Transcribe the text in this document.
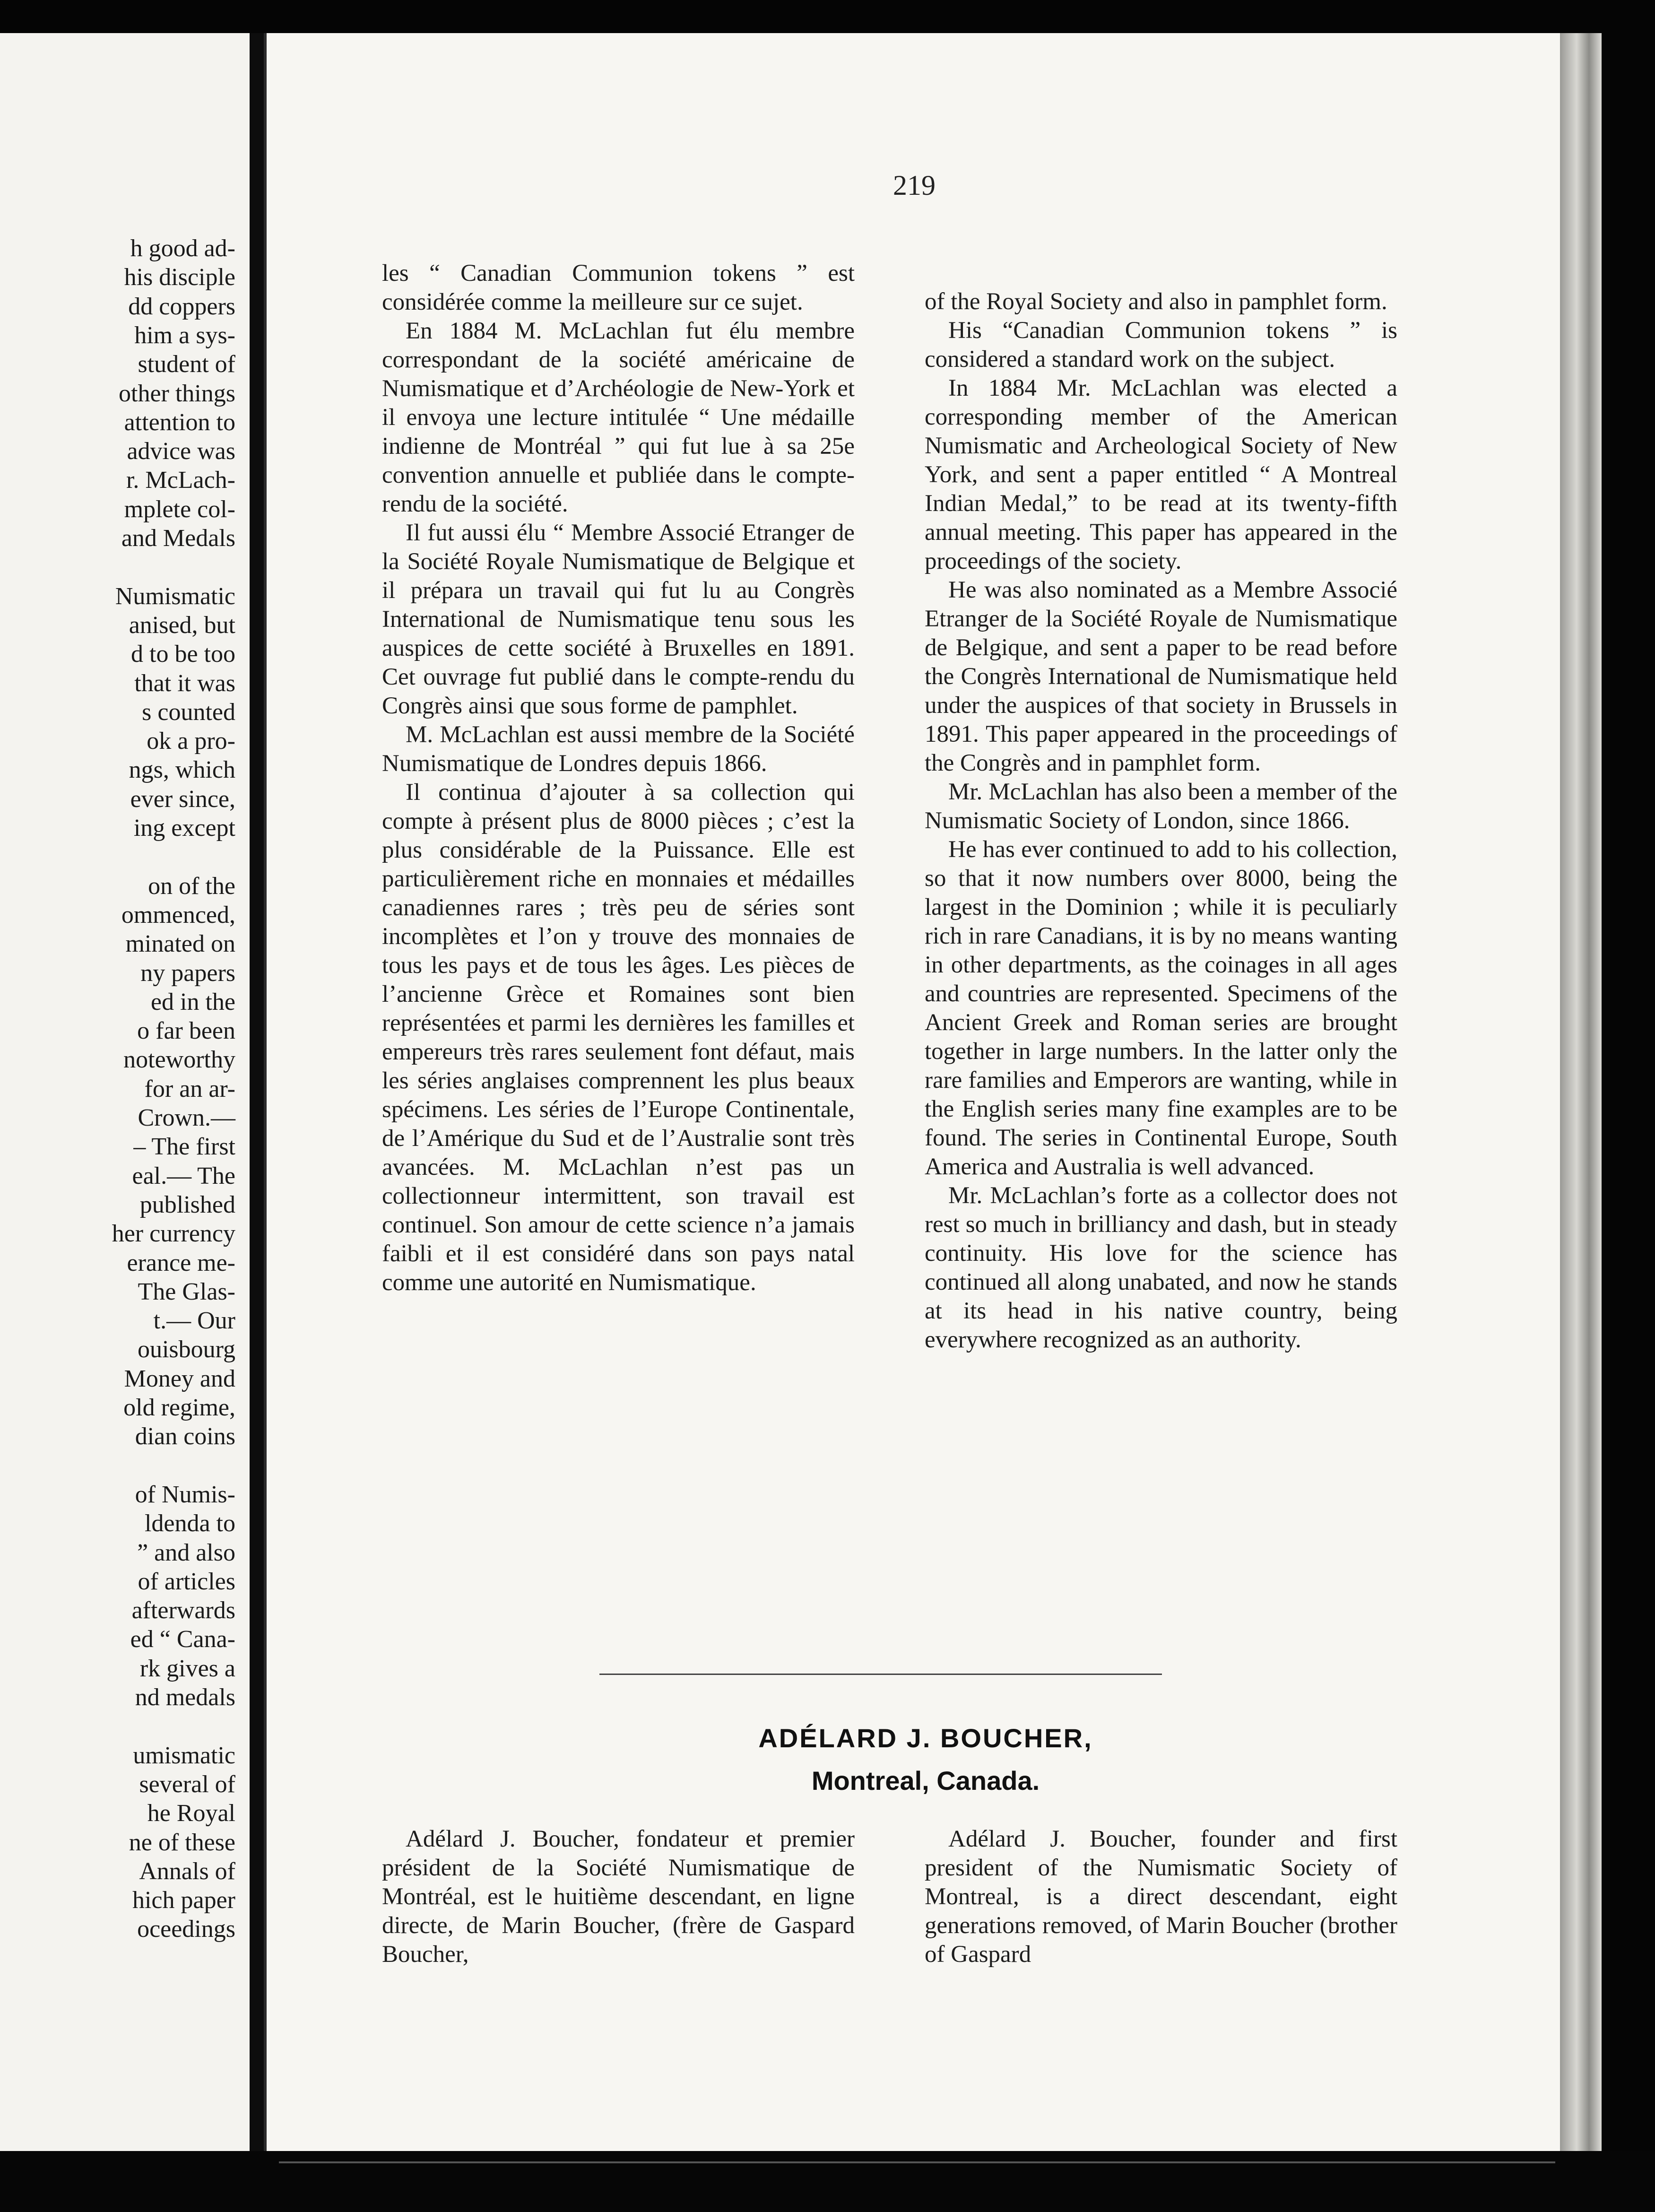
h good ad-
his disciple
dd coppers
him a sys-
student of
other things
attention to
advice was
r. McLach-
mplete col-
and Medals
Numismatic
anised, but
d to be too
that it was
s counted
ok a pro-
ngs, which
ever since,
ing except
on of the
ommenced,
minated on
ny papers
ed in the
o far been
noteworthy
for an ar-
Crown.—
– The first
eal.— The
published
her currency
erance me-
The Glas-
t.— Our
ouisbourg
Money and
old regime,
dian coins
of Numis-
ldenda to
” and also
of articles
afterwards
ed “ Cana-
rk gives a
nd medals
umismatic
several of
he Royal
ne of these
Annals of
hich paper
oceedings
219

les “ Canadian Communion tokens ” est considérée comme la meilleure sur ce sujet.

En 1884 M. McLachlan fut élu membre correspondant de la société américaine de Numismatique et d’Archéologie de New-York et il envoya une lecture intitulée “ Une médaille indienne de Montréal ” qui fut lue à sa 25e convention annuelle et publiée dans le compte-rendu de la société.

Il fut aussi élu “ Membre Associé Etranger de la Société Royale Numismatique de Belgique et il prépara un travail qui fut lu au Congrès International de Numismatique tenu sous les auspices de cette société à Bruxelles en 1891. Cet ouvrage fut publié dans le compte-rendu du Congrès ainsi que sous forme de pamphlet.

M. McLachlan est aussi membre de la Société Numismatique de Londres depuis 1866.

Il continua d’ajouter à sa collection qui compte à présent plus de 8000 pièces ; c’est la plus considérable de la Puissance. Elle est particulièrement riche en monnaies et médailles canadiennes rares ; très peu de séries sont incomplètes et l’on y trouve des monnaies de tous les pays et de tous les âges. Les pièces de l’ancienne Grèce et Romaines sont bien représentées et parmi les dernières les familles et empereurs très rares seulement font défaut, mais les séries anglaises comprennent les plus beaux spécimens. Les séries de l’Europe Continentale, de l’Amérique du Sud et de l’Australie sont très avancées. M. McLachlan n’est pas un collectionneur intermittent, son travail est continuel. Son amour de cette science n’a jamais faibli et il est considéré dans son pays natal comme une autorité en Numismatique.

of the Royal Society and also in pamphlet form.

His “Canadian Communion tokens ” is considered a standard work on the subject.

In 1884 Mr. McLachlan was elected a corresponding member of the American Numismatic and Archeological Society of New York, and sent a paper entitled “ A Montreal Indian Medal,” to be read at its twenty-fifth annual meeting. This paper has appeared in the proceedings of the society.

He was also nominated as a Membre Associé Etranger de la Société Royale de Numismatique de Belgique, and sent a paper to be read before the Congrès International de Numismatique held under the auspices of that society in Brussels in 1891. This paper appeared in the proceedings of the Congrès and in pamphlet form.

Mr. McLachlan has also been a member of the Numismatic Society of London, since 1866.

He has ever continued to add to his collection, so that it now numbers over 8000, being the largest in the Dominion ; while it is peculiarly rich in rare Canadians, it is by no means wanting in other departments, as the coinages in all ages and countries are represented. Specimens of the Ancient Greek and Roman series are brought together in large numbers. In the latter only the rare families and Emperors are wanting, while in the English series many fine examples are to be found. The series in Continental Europe, South America and Australia is well advanced.

Mr. McLachlan’s forte as a collector does not rest so much in brilliancy and dash, but in steady continuity. His love for the science has continued all along unabated, and now he stands at its head in his native country, being everywhere recognized as an authority.

ADÉLARD J. BOUCHER,
Montreal, Canada.

Adélard J. Boucher, fondateur et premier président de la Société Numismatique de Montréal, est le huitième descendant, en ligne directe, de Marin Boucher, (frère de Gaspard Boucher,

Adélard J. Boucher, founder and first president of the Numismatic Society of Montreal, is a direct descendant, eight generations removed, of Marin Boucher (brother of Gaspard
